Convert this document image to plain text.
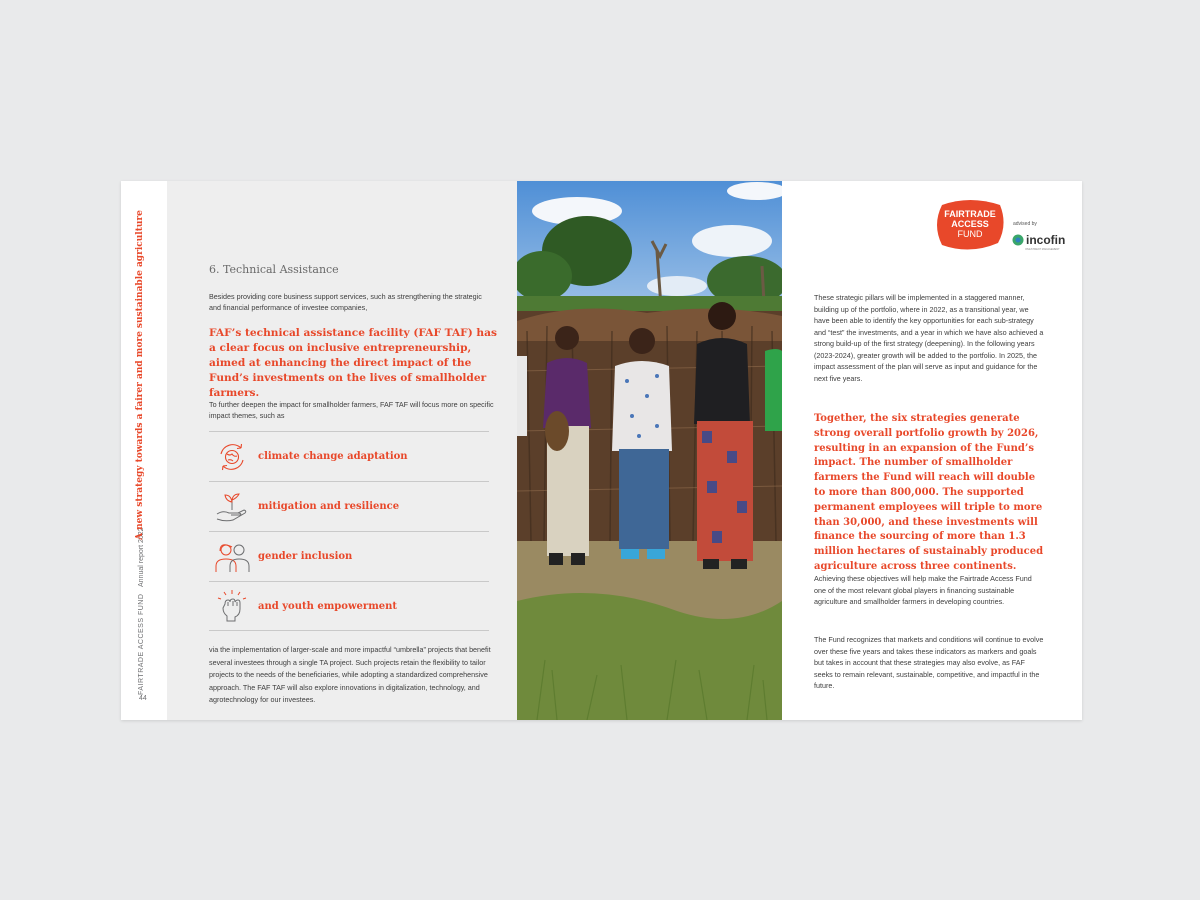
FAIRTRADE ACCESS FUND
Annual report 2022
A new strategy towards a fairer and more sustainable agriculture
44
6. Technical Assistance
Besides providing core business support services, such as strengthening the strategic and financial performance of investee companies,
FAF’s technical assistance facility (FAF TAF) has a clear focus on inclusive entrepreneurship, aimed at enhancing the direct impact of the Fund’s investments on the lives of smallholder farmers.
To further deepen the impact for smallholder farmers, FAF TAF will focus more on specific impact themes, such as
climate change adaptation
mitigation and resilience
gender inclusion
and youth empowerment
via the implementation of larger-scale and more impactful “umbrella” projects that benefit several investees through a single TA project. Such projects retain the flexibility to tailor projects to the needs of the beneficiaries, while adopting a standardized comprehensive approach. The FAF TAF will also explore innovations in digitalization, technology, and agrotechnology for our investees.
FAIRTRADE
ACCESS
FUND
advised by
incofin
INVESTMENT MANAGEMENT
These strategic pillars will be implemented in a staggered manner, building up of the portfolio, where in 2022, as a transitional year, we have been able to identify the key opportunities for each sub-strategy and “test” the investments, and a year in which we have also achieved a strong build-up of the first strategy (deepening). In the following years (2023-2024), greater growth will be added to the portfolio. In 2025, the impact assessment of the plan will serve as input and guidance for the next five years.
Together, the six strategies generate strong overall portfolio growth by 2026, resulting in an expansion of the Fund’s impact. The number of smallholder farmers the Fund will reach will double to more than 800,000. The supported permanent employees will triple to more than 30,000, and these investments will finance the sourcing of more than 1.3 million hectares of sustainably produced agriculture across three continents.
Achieving these objectives will help make the Fairtrade Access Fund one of the most relevant global players in financing sustainable agriculture and smallholder farmers in developing countries.
The Fund recognizes that markets and conditions will continue to evolve over these five years and takes these indicators as markers and goals but takes in account that these strategies may also evolve, as FAF seeks to remain relevant, sustainable, competitive, and impactful in the future.
